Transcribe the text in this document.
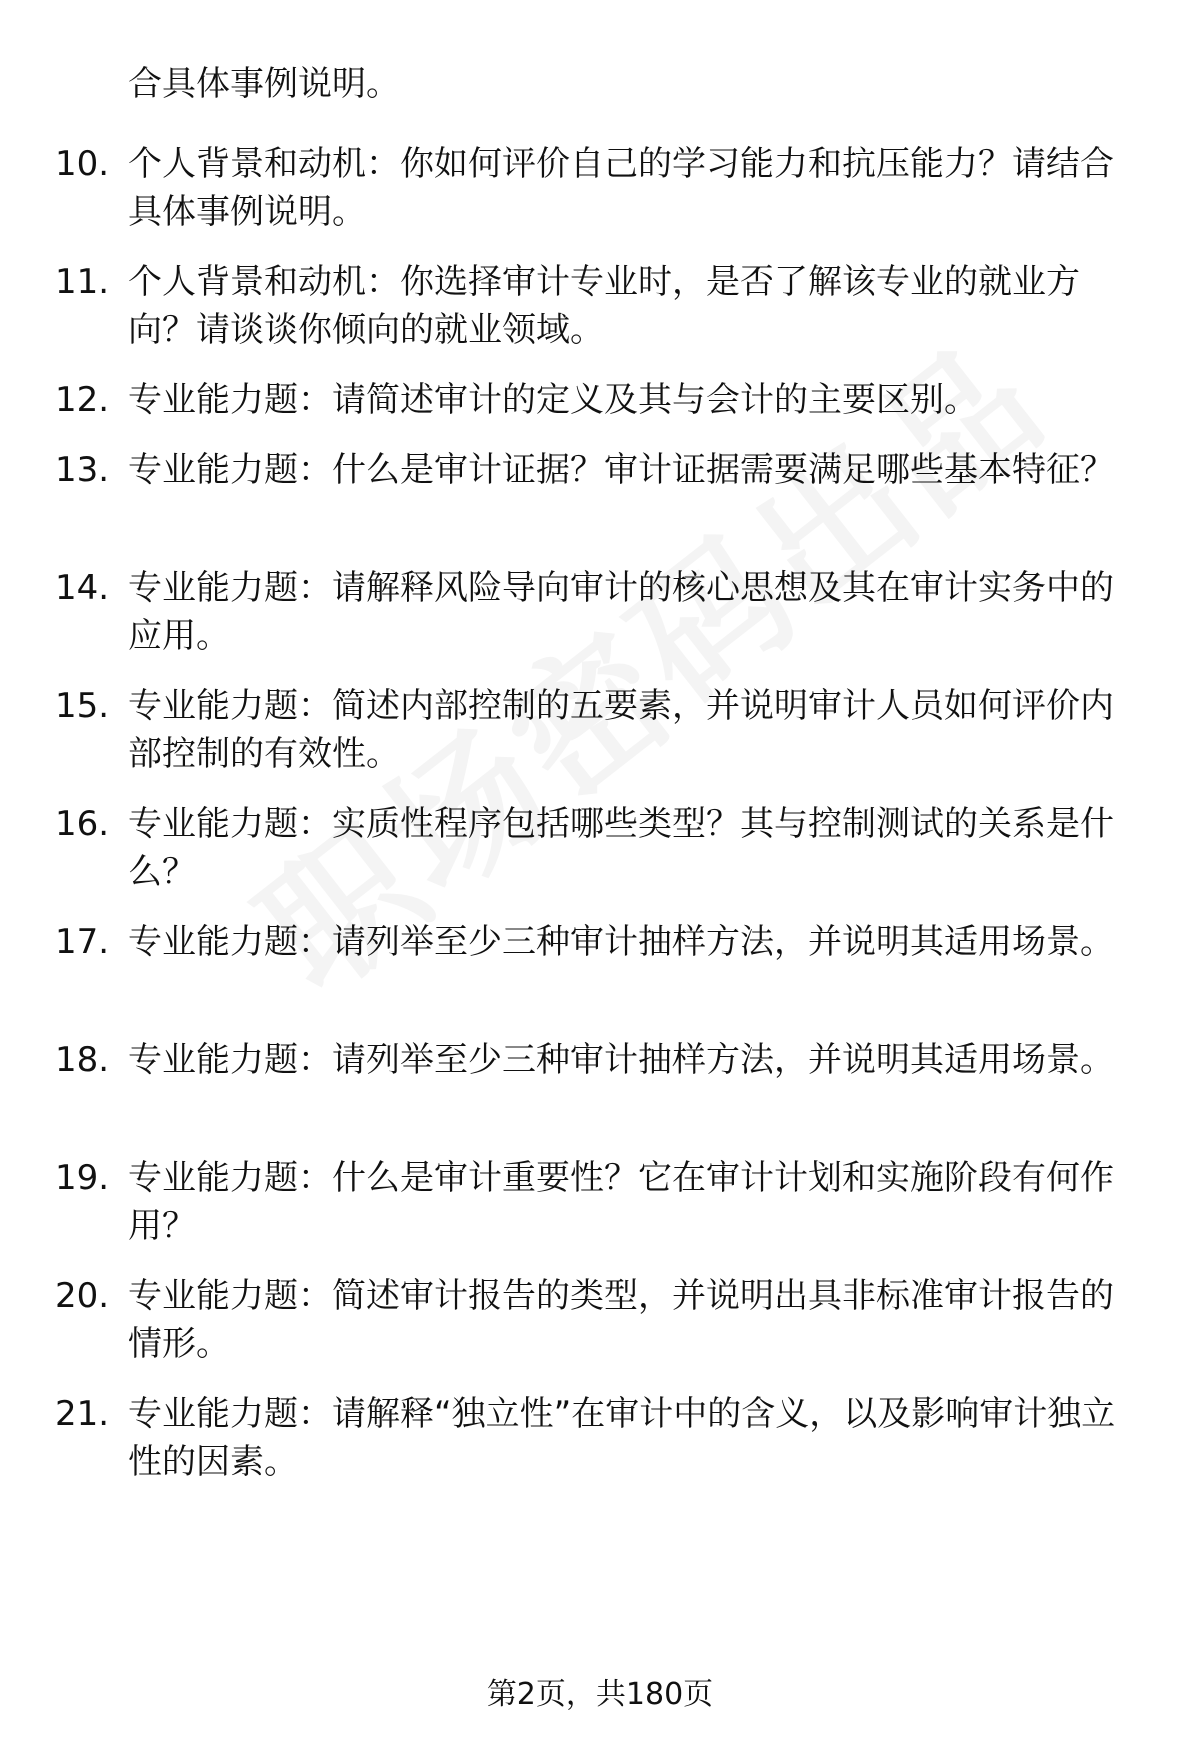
合具体事例说明。
10. 个人背景和动机：你如何评价自己的学习能力和抗压能力？请结合具体事例说明。
11. 个人背景和动机：你选择审计专业时，是否了解该专业的就业方向？请谈谈你倾向的就业领域。
12. 专业能力题：请简述审计的定义及其与会计的主要区别。
13. 专业能力题：什么是审计证据？审计证据需要满足哪些基本特征？
14. 专业能力题：请解释风险导向审计的核心思想及其在审计实务中的应用。
15. 专业能力题：简述内部控制的五要素，并说明审计人员如何评价内部控制的有效性。
16. 专业能力题：实质性程序包括哪些类型？其与控制测试的关系是什么？
17. 专业能力题：请列举至少三种审计抽样方法，并说明其适用场景。
18. 专业能力题：请列举至少三种审计抽样方法，并说明其适用场景。
19. 专业能力题：什么是审计重要性？它在审计计划和实施阶段有何作用？
20. 专业能力题：简述审计报告的类型，并说明出具非标准审计报告的情形。
21. 专业能力题：请解释“独立性”在审计中的含义，以及影响审计独立性的因素。
第2页，共180页
